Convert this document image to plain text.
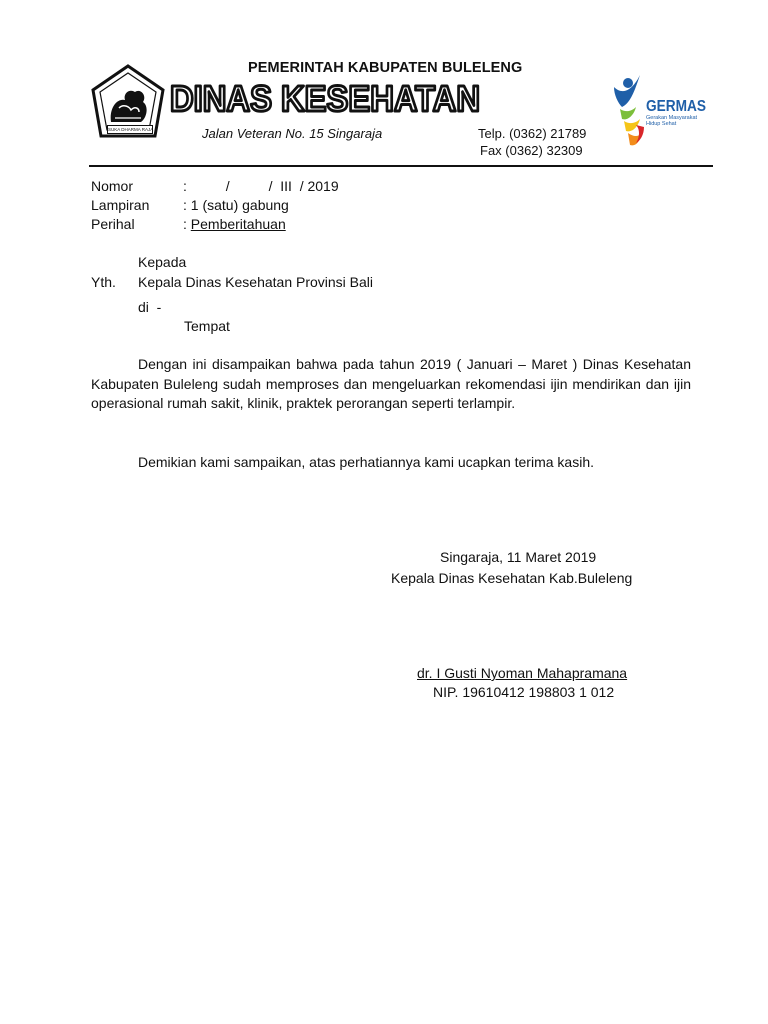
SUKA DHARMA RAJA
PEMERINTAH KABUPATEN BULELENG
DINAS KESEHATAN
Jalan Veteran No. 15 Singaraja	Telp. (0362) 21789
Fax (0362) 32309
GERMAS
Gerakan Masyarakat
Hidup Sehat
Nomor	:          /          /  III  / 2019
Lampiran : 1 (satu) gabung
Perihal	: Pemberitahuan
Kepada
Yth. Kepala Dinas Kesehatan Provinsi Bali
di  -
Tempat
Dengan ini disampaikan bahwa pada tahun 2019 ( Januari – Maret ) Dinas Kesehatan Kabupaten Buleleng sudah memproses dan mengeluarkan rekomendasi ijin mendirikan dan ijin operasional rumah sakit, klinik, praktek perorangan seperti terlampir.
Demikian kami sampaikan, atas perhatiannya kami ucapkan terima kasih.
Singaraja, 11 Maret 2019
Kepala Dinas Kesehatan Kab.Buleleng
dr. I Gusti Nyoman Mahapramana
NIP. 19610412 198803 1 012
